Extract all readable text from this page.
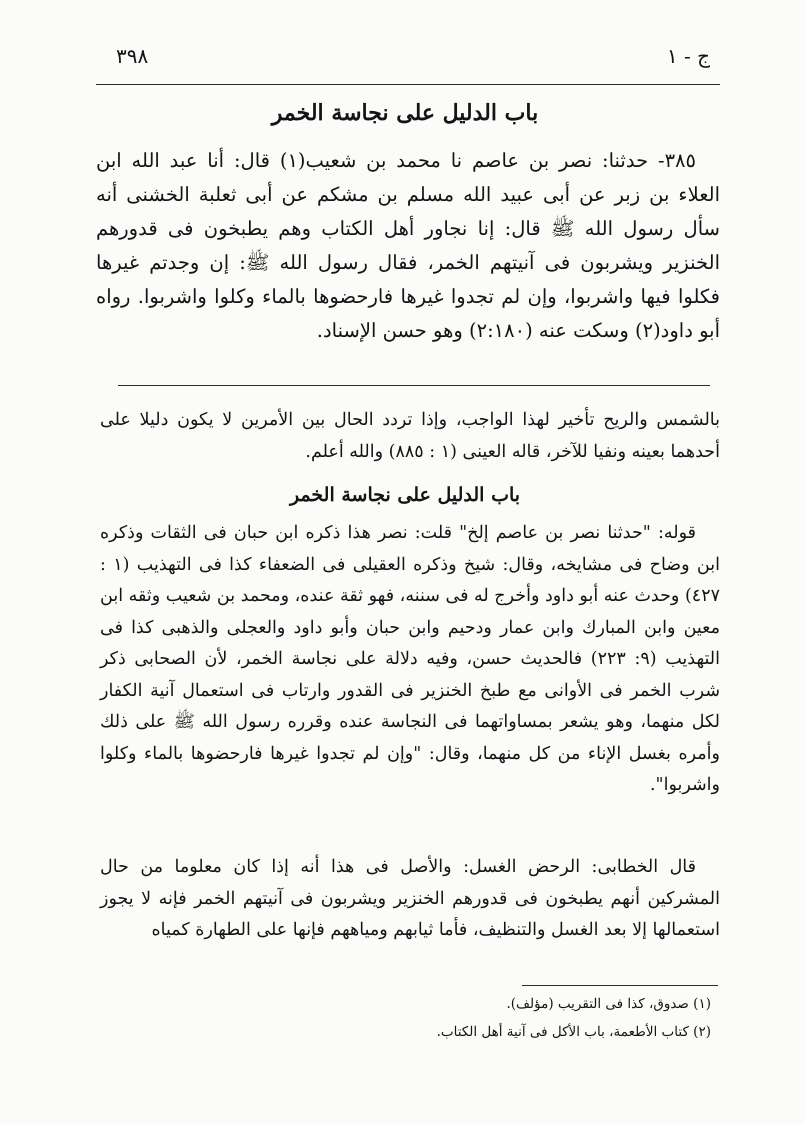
٣٩٨	ج - ١
باب الدليل على نجاسة الخمر

٣٨٥- حدثنا: نصر بن عاصم نا محمد بن شعيب(١) قال: أنا عبد الله ابن العلاء بن زبر عن أبى عبيد الله مسلم بن مشكم عن أبى ثعلبة الخشنى أنه سأل رسول الله ﷺ قال: إنا نجاور أهل الكتاب وهم يطبخون فى قدورهم الخنزير ويشربون فى آنيتهم الخمر، فقال رسول الله ﷺ: إن وجدتم غيرها فكلوا فيها واشربوا، وإن لم تجدوا غيرها فارحضوها بالماء وكلوا واشربوا. رواه أبو داود(٢) وسكت عنه (٢:١٨٠) وهو حسن الإسناد.

بالشمس والريح تأخير لهذا الواجب، وإذا تردد الحال بين الأمرين لا يكون دليلا على أحدهما بعينه ونفيا للآخر، قاله العينى (١ : ٨٨٥) والله أعلم.

باب الدليل على نجاسة الخمر

قوله: "حدثنا نصر بن عاصم إلخ" قلت: نصر هذا ذكره ابن حبان فى الثقات وذكره ابن وضاح فى مشايخه، وقال: شيخ وذكره العقيلى فى الضعفاء كذا فى التهذيب (١ : ٤٢٧) وحدث عنه أبو داود وأخرج له فى سننه، فهو ثقة عنده، ومحمد بن شعيب وثقه ابن معين وابن المبارك وابن عمار ودحيم وابن حبان وأبو داود والعجلى والذهبى كذا فى التهذيب (٩: ٢٢٣) فالحديث حسن، وفيه دلالة على نجاسة الخمر، لأن الصحابى ذكر شرب الخمر فى الأوانى مع طبخ الخنزير فى القدور وارتاب فى استعمال آنية الكفار لكل منهما، وهو يشعر بمساواتهما فى النجاسة عنده وقرره رسول الله ﷺ على ذلك وأمره بغسل الإناء من كل منهما، وقال: "وإن لم تجدوا غيرها فارحضوها بالماء وكلوا واشربوا".

قال الخطابى: الرحض الغسل: والأصل فى هذا أنه إذا كان معلوما من حال المشركين أنهم يطبخون فى قدورهم الخنزير ويشربون فى آنيتهم الخمر فإنه لا يجوز استعمالها إلا بعد الغسل والتنظيف، فأما ثيابهم ومياههم فإنها على الطهارة كمياه

(١) صدوق، كذا فى التقريب (مؤلف).
(٢) كتاب الأطعمة، باب الأكل فى آنية أهل الكتاب.
